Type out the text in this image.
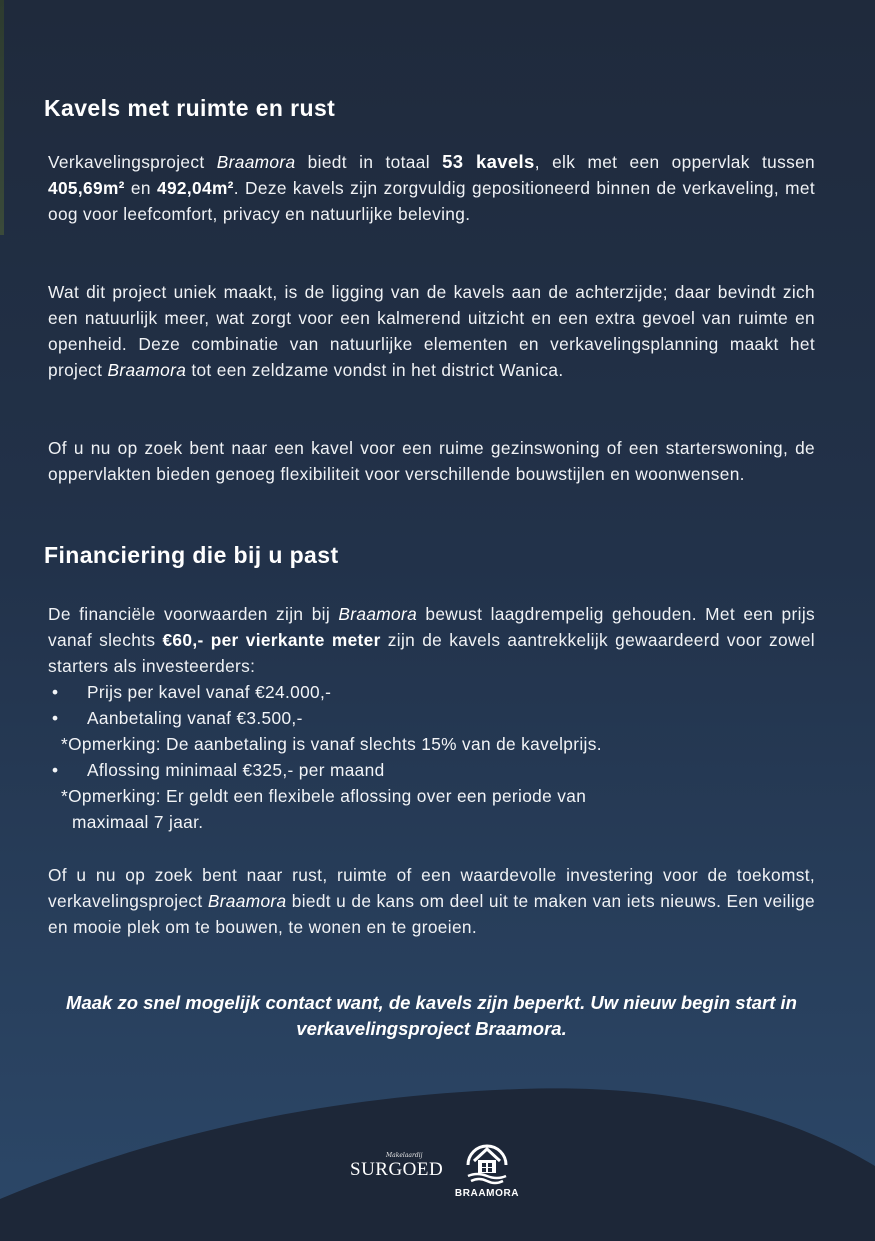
Kavels met ruimte en rust

Verkavelingsproject Braamora biedt in totaal 53 kavels, elk met een oppervlak tussen 405,69m² en 492,04m². Deze kavels zijn zorgvuldig gepositioneerd binnen de verkaveling, met oog voor leefcomfort, privacy en natuurlijke beleving.

Wat dit project uniek maakt, is de ligging van de kavels aan de achterzijde; daar bevindt zich een natuurlijk meer, wat zorgt voor een kalmerend uitzicht en een extra gevoel van ruimte en openheid. Deze combinatie van natuurlijke elementen en verkavelingsplanning maakt het project Braamora tot een zeldzame vondst in het district Wanica.

Of u nu op zoek bent naar een kavel voor een ruime gezinswoning of een starterswoning, de oppervlakten bieden genoeg flexibiliteit voor verschillende bouwstijlen en woonwensen.

Financiering die bij u past

De financiële voorwaarden zijn bij Braamora bewust laagdrempelig gehouden. Met een prijs vanaf slechts €60,- per vierkante meter zijn de kavels aantrekkelijk gewaardeerd voor zowel starters als investeerders:

• Prijs per kavel vanaf €24.000,-
• Aanbetaling vanaf €3.500,-
*Opmerking: De aanbetaling is vanaf slechts 15% van de kavelprijs.
• Aflossing minimaal €325,- per maand
*Opmerking: Er geldt een flexibele aflossing over een periode van
maximaal 7 jaar.

Of u nu op zoek bent naar rust, ruimte of een waardevolle investering voor de toekomst, verkavelingsproject Braamora biedt u de kans om deel uit te maken van iets nieuws. Een veilige en mooie plek om te bouwen, te wonen en te groeien.

Maak zo snel mogelijk contact want, de kavels zijn beperkt. Uw nieuw begin start in verkavelingsproject Braamora.

Makelaardij
SURGOED
BRAAMORA
